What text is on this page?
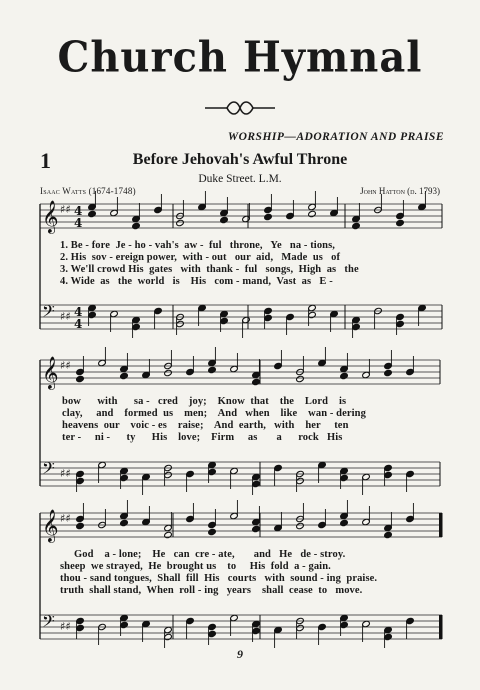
Church Hymnal
WORSHIP—ADORATION AND PRAISE
1	Before Jehovah's Awful Throne
Duke Street. L.M.
Isaac Watts (1674-1748)	John Hatton (d. 1793)
𝄞 ♯♯ 4
4
𝄢 ♯♯ 4
4
𝄞 ♯♯
𝄢 ♯♯
𝄞 ♯♯
𝄢 ♯♯
1. Be - fore  Je - ho - vah's  aw -  ful   throne,   Ye   na - tions,
2. His  sov - ereign power,  with - out   our  aid,   Made  us   of
3. We'll crowd His  gates   with  thank -  ful   songs,  High  as   the
4. Wide  as   the  world   is    His   com - mand,  Vast  as   E -
bow      with      sa -   cred    joy;    Know  that    the    Lord    is
clay,     and    formed  us    men;    And   when    like    wan - dering
heavens  our    voic - es    raise;    And  earth,   with    her     ten
ter -     ni -      ty      His    love;    Firm     as       a      rock   His
God    a - lone;    He   can  cre - ate,       and   He   de - stroy.
sheep  we strayed,  He  brought us    to     His  fold  a - gain.
thou - sand tongues,  Shall  fill  His   courts   with  sound - ing  praise.
truth  shall stand,  When  roll - ing   years    shall  cease  to   move.
9
